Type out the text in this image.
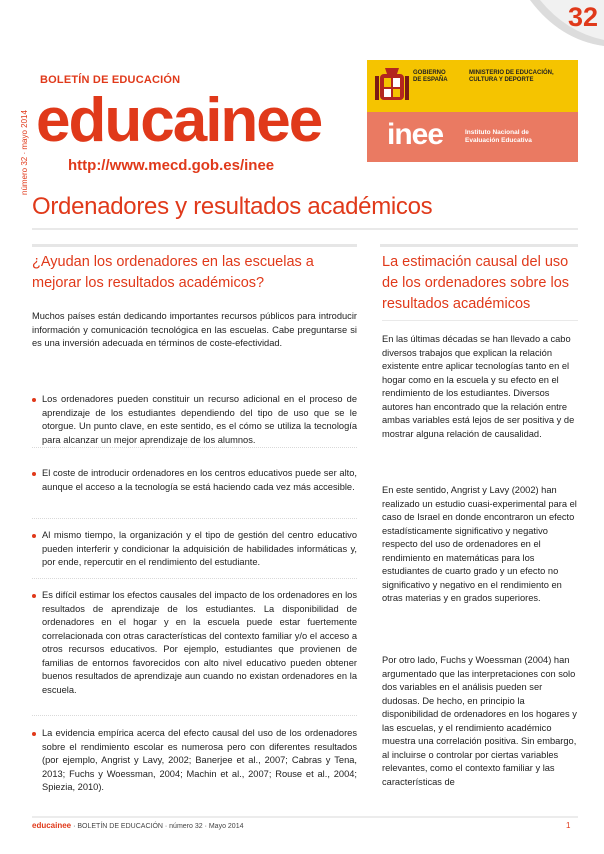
32
número 32 · mayo 2014
BOLETÍN DE EDUCACIÓN
educainee
http://www.mecd.gob.es/inee
GOBIERNO DE ESPAÑA
MINISTERIO DE EDUCACIÓN, CULTURA Y DEPORTE
inee	Instituto Nacional de Evaluación Educativa
Ordenadores y resultados académicos
¿Ayudan los ordenadores en las escuelas a mejorar los resultados académicos?
Muchos países están dedicando importantes recursos públicos para introducir información y comunicación tecnológica en las escuelas. Cabe preguntarse si es una inversión adecuada en términos de coste-efectividad.
Los ordenadores pueden constituir un recurso adicional en el proceso de aprendizaje de los estudiantes dependiendo del tipo de uso que se le otorgue. Un punto clave, en este sentido, es el cómo se utiliza la tecnología para alcanzar un mejor aprendizaje de los alumnos.
El coste de introducir ordenadores en los centros educativos puede ser alto, aunque el acceso a la tecnología se está haciendo cada vez más accesible.
Al mismo tiempo, la organización y el tipo de gestión del centro educativo pueden interferir y condicionar la adquisición de habilidades informáticas y, por ende, repercutir en el rendimiento del estudiante.
Es difícil estimar los efectos causales del impacto de los ordenadores en los resultados de aprendizaje de los estudiantes. La disponibilidad de ordenadores en el hogar y en la escuela puede estar fuertemente correlacionada con otras características del contexto familiar y/o el acceso a otros recursos educativos. Por ejemplo, estudiantes que provienen de familias de entornos favorecidos con alto nivel educativo pueden obtener buenos resultados de aprendizaje aun cuando no existan ordenadores en la escuela.
La evidencia empírica acerca del efecto causal del uso de los ordenadores sobre el rendimiento escolar es numerosa pero con diferentes resultados (por ejemplo, Angrist y Lavy, 2002; Banerjee et al., 2007; Cabras y Tena, 2013; Fuchs y Woessman, 2004; Machin et al., 2007; Rouse et al., 2004; Spiezia, 2010).
La estimación causal del uso de los ordenadores sobre los resultados académicos
En las últimas décadas se han llevado a cabo diversos trabajos que explican la relación existente entre aplicar tecnologías tanto en el hogar como en la escuela y su efecto en el rendimiento de los estudiantes. Diversos autores han encontrado que la relación entre ambas variables está lejos de ser positiva y de mostrar alguna relación de causalidad.
En este sentido, Angrist y Lavy (2002) han realizado un estudio cuasi-experimental para el caso de Israel en donde encontraron un efecto estadísticamente significativo y negativo respecto del uso de ordenadores en el rendimiento en matemáticas para los estudiantes de cuarto grado y un efecto no significativo y negativo en el rendimiento en otras materias y en grados superiores.
Por otro lado, Fuchs y Woessman (2004) han argumentado que las interpretaciones con solo dos variables en el análisis pueden ser dudosas. De hecho, en principio la disponibilidad de ordenadores en los hogares y las escuelas, y el rendimiento académico muestra una correlación positiva. Sin embargo, al incluirse o controlar por ciertas variables relevantes, como el contexto familiar y las características de
educainee · BOLETÍN DE EDUCACIÓN · número 32 · Mayo 2014	1
